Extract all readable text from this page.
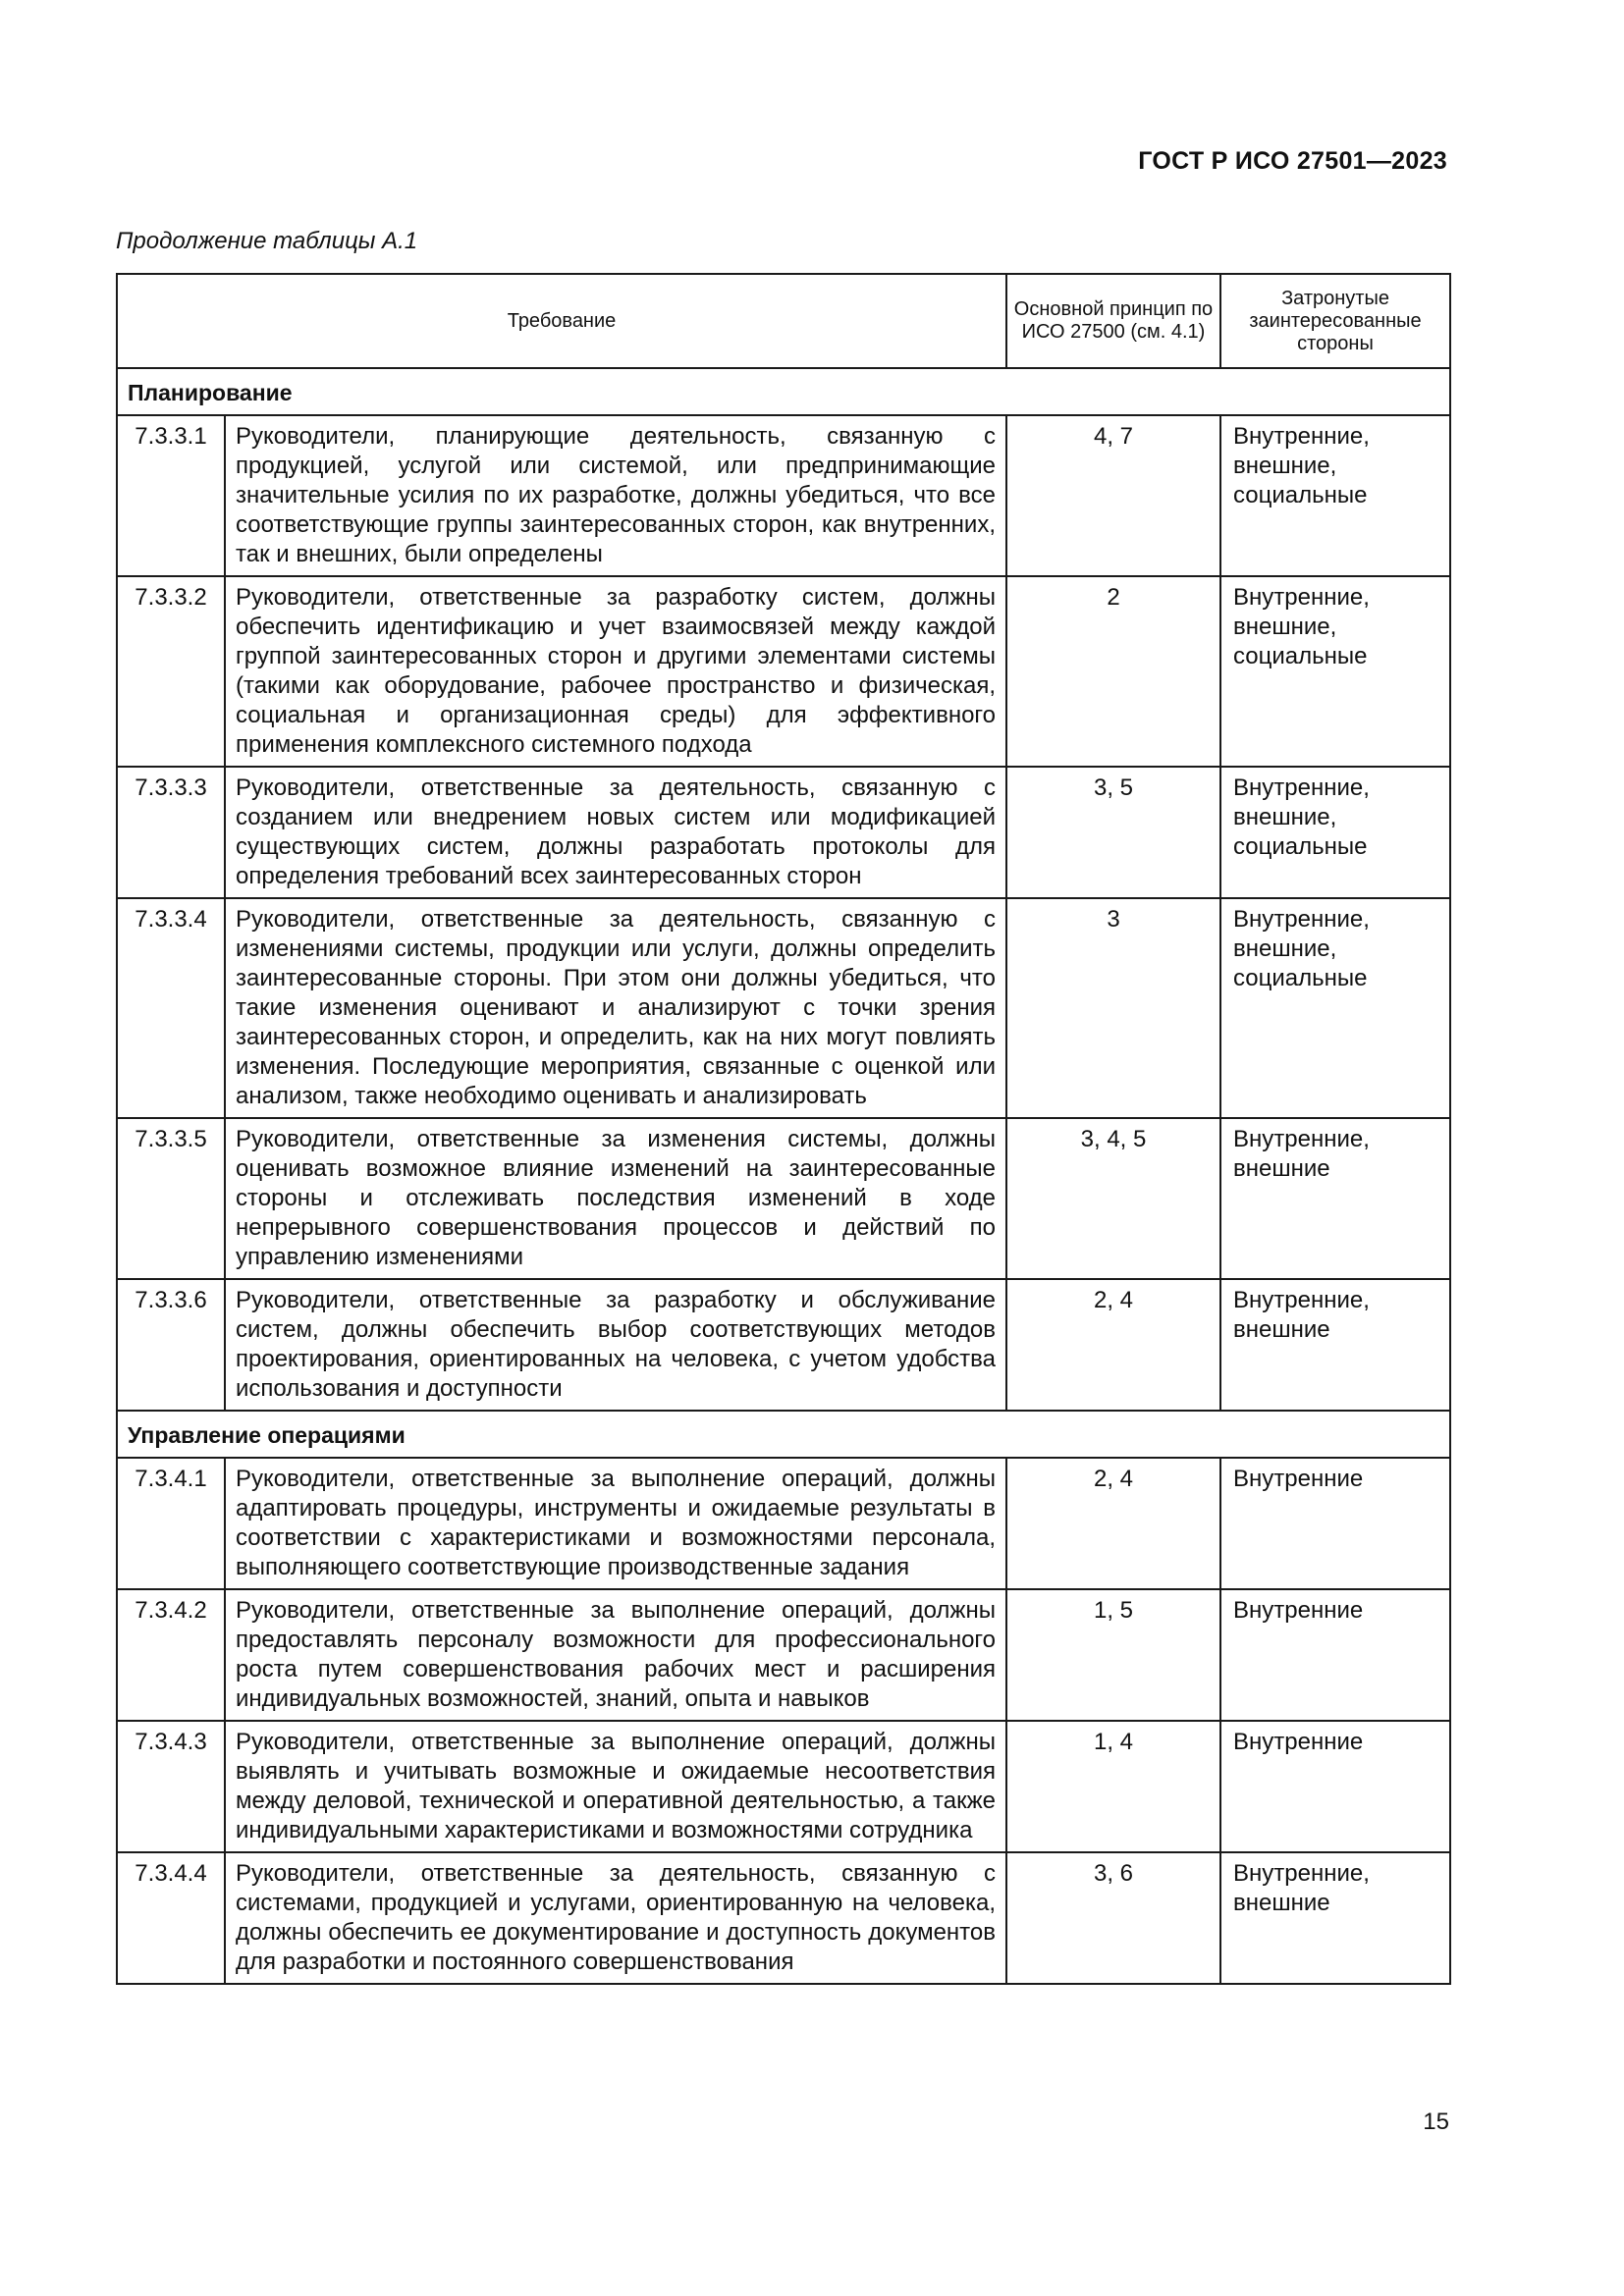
ГОСТ Р ИСО 27501—2023
Продолжение таблицы А.1
Требование		Основной принцип по ИСО 27500 (см. 4.1)	Затронутые заинтересованные стороны
Планирование			
7.3.3.1	Руководители, планирующие деятельность, связанную с продукцией, услугой или системой, или предпринимающие значительные усилия по их разработке, должны убедиться, что все соответствующие группы заинтересованных сторон, как внутренних, так и внешних, были определены	4, 7	Внутренние, внешние, социальные
7.3.3.2	Руководители, ответственные за разработку систем, должны обеспечить идентификацию и учет взаимосвязей между каждой группой заинтересованных сторон и другими элементами системы (такими как оборудование, рабочее пространство и физическая, социальная и организационная среды) для эффективного применения комплексного системного подхода	2	Внутренние, внешние, социальные
7.3.3.3	Руководители, ответственные за деятельность, связанную с созданием или внедрением новых систем или модификацией существующих систем, должны разработать протоколы для определения требований всех заинтересованных сторон	3, 5	Внутренние, внешние, социальные
7.3.3.4	Руководители, ответственные за деятельность, связанную с изменениями системы, продукции или услуги, должны определить заинтересованные стороны. При этом они должны убедиться, что такие изменения оценивают и анализируют с точки зрения заинтересованных сторон, и определить, как на них могут повлиять изменения. Последующие мероприятия, связанные с оценкой или анализом, также необходимо оценивать и анализировать	3	Внутренние, внешние, социальные
7.3.3.5	Руководители, ответственные за изменения системы, должны оценивать возможное влияние изменений на заинтересованные стороны и отслеживать последствия изменений в ходе непрерывного совершенствования процессов и действий по управлению изменениями	3, 4, 5	Внутренние, внешние
7.3.3.6	Руководители, ответственные за разработку и обслуживание систем, должны обеспечить выбор соответствующих методов проектирования, ориентированных на человека, с учетом удобства использования и доступности	2, 4	Внутренние, внешние
Управление операциями			
7.3.4.1	Руководители, ответственные за выполнение операций, должны адаптировать процедуры, инструменты и ожидаемые результаты в соответствии с характеристиками и возможностями персонала, выполняющего соответствующие производственные задания	2, 4	Внутренние
7.3.4.2	Руководители, ответственные за выполнение операций, должны предоставлять персоналу возможности для профессионального роста путем совершенствования рабочих мест и расширения индивидуальных возможностей, знаний, опыта и навыков	1, 5	Внутренние
7.3.4.3	Руководители, ответственные за выполнение операций, должны выявлять и учитывать возможные и ожидаемые несоответствия между деловой, технической и оперативной деятельностью, а также индивидуальными характеристиками и возможностями сотрудника	1, 4	Внутренние
7.3.4.4	Руководители, ответственные за деятельность, связанную с системами, продукцией и услугами, ориентированную на человека, должны обеспечить ее документирование и доступность документов для разработки и постоянного совершенствования	3, 6	Внутренние, внешние
15
